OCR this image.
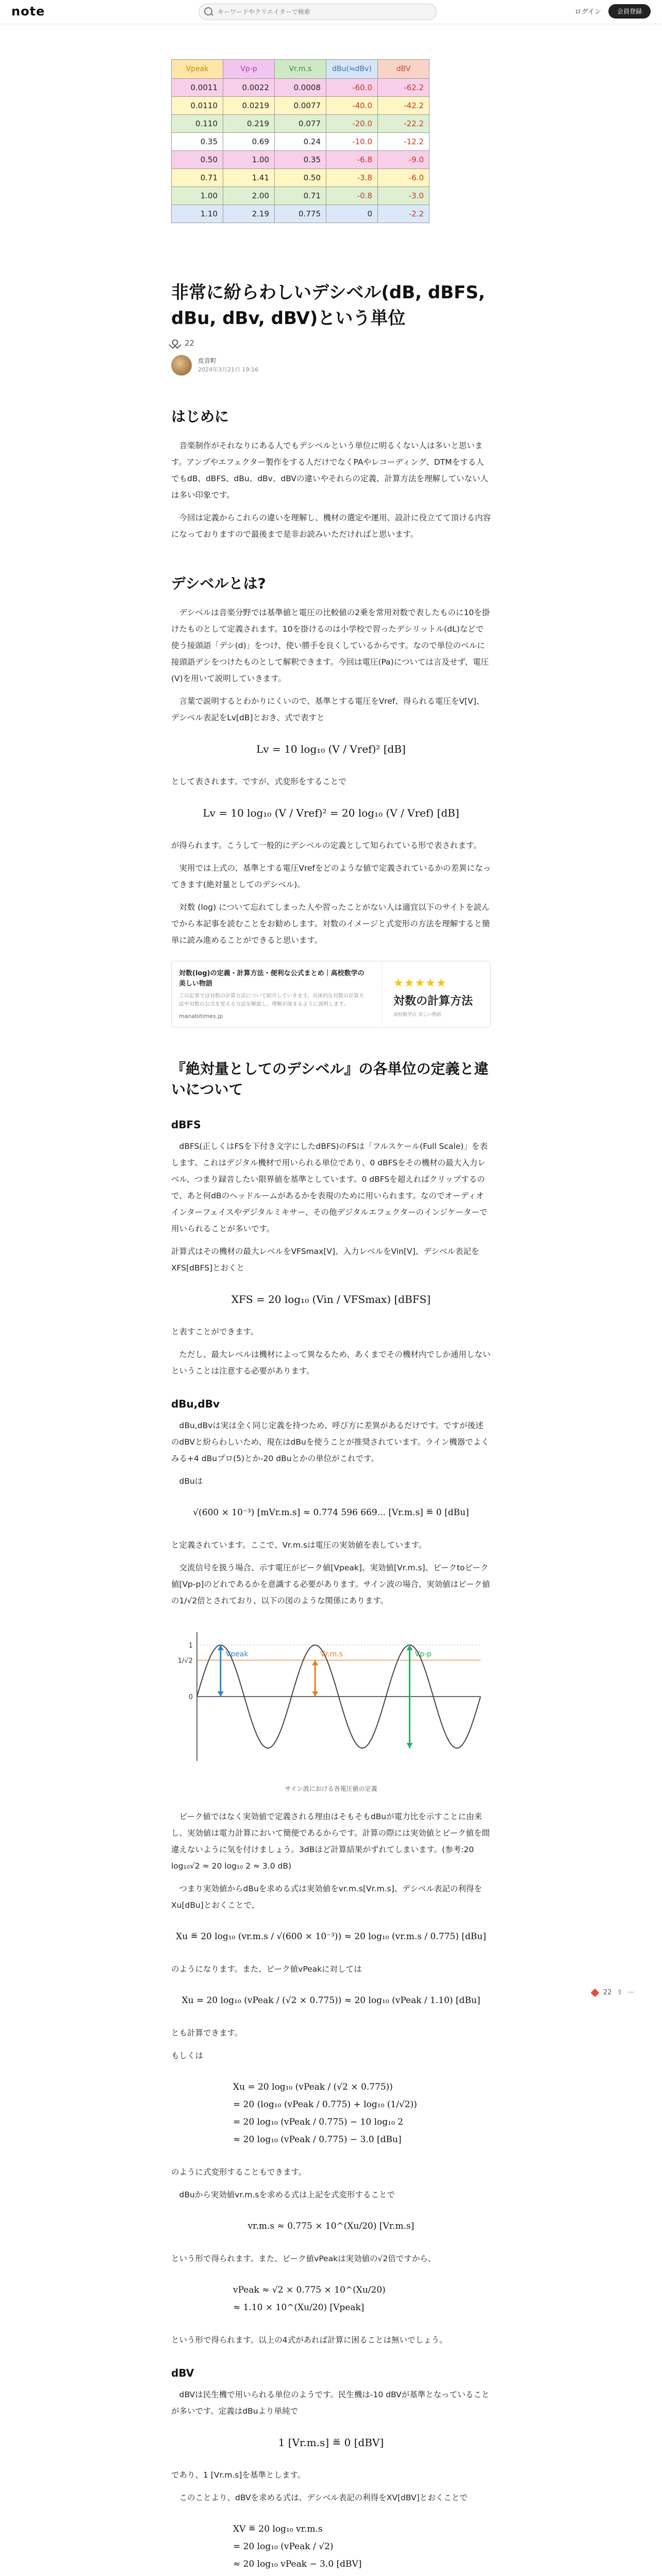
note
キーワードやクリエイターで検索	ログイン	会員登録
Vpeak	Vp-p	Vr.m.s	dBu(≒dBv)	dBV
0.0011	0.0022	0.0008	-60.0	-62.2
0.0110	0.0219	0.0077	-40.0	-42.2
0.110	0.219	0.077	-20.0	-22.2
0.35	0.69	0.24	-10.0	-12.2
0.50	1.00	0.35	-6.8	-9.0
0.71	1.41	0.50	-3.8	-6.0
1.00	2.00	0.71	-0.8	-3.0
1.10	2.19	0.775	0	-2.2
非常に紛らわしいデシベル(dB, dBFS, dBu, dBv, dBV)という単位
22
皮音町
2024年3月21日 19:16
はじめに

音楽制作がそれなりにある人でもデシベルという単位に明るくない人は多いと思います。アンプやエフェクター製作をする人だけでなくPAやレコーディング、DTMをする人でもdB、dBFS、dBu、dBv、dBVの違いやそれらの定義、計算方法を理解していない人は多い印象です。

今回は定義からこれらの違いを理解し、機材の選定や運用、設計に役立てて頂ける内容になっておりますので最後まで是非お読みいただければと思います。

デシベルとは?

デシベルは音楽分野では基準値と電圧の比較値の2乗を常用対数で表したものに10を掛けたものとして定義されます。10を掛けるのは小学校で習ったデシリットル(dL)などで使う接頭語「デシ(d)」をつけ、使い勝手を良くしているからです。なので単位のベルに接頭語デシをつけたものとして解釈できます。今回は電圧(Pa)については言及せず、電圧(V)を用いて説明していきます。

言葉で説明するとわかりにくいので、基準とする電圧をVref、得られる電圧をV[V]、デシベル表記をLv[dB]とおき、式で表すと

Lv = 10 log₁₀ (V / Vref)² [dB]

として表されます。ですが、式変形をすることで

Lv = 10 log₁₀ (V / Vref)² = 20 log₁₀ (V / Vref) [dB]

が得られます。こうして一般的にデシベルの定義として知られている形で表されます。

実用では上式の、基準とする電圧Vrefをどのような値で定義されているかの差異になってきます(絶対量としてのデシベル)。

対数 (log) について忘れてしまった人や習ったことがない人は適宜以下のサイトを読んでから本記事を読むことをお勧めします。対数のイメージと式変形の方法を理解すると簡単に読み進めることができると思います。

対数(log)の定義・計算方法・便利な公式まとめ｜高校数学の美しい物語
この記事では対数の計算方法について紹介していきます。具体的な対数の計算方法や対数の公式を覚える方法を解説し、理解が深まるように説明します。
manabitimes.jp
★★★★★
対数の計算方法
高校数学の 美しい物語
『絶対量としてのデシベル』の各単位の定義と違いについて
dBFS

dBFS(正しくはFSを下付き文字にしたdBFS)のFSは「フルスケール(Full Scale)」を表します。これはデジタル機材で用いられる単位であり、0 dBFSをその機材の最大入力レベル、つまり録音したい限界値を基準としています。0 dBFSを超えればクリップするので、あと何dBのヘッドルームがあるかを表現のために用いられます。なのでオーディオインターフェイスやデジタルミキサー、その他デジタルエフェクターのインジケーターで用いられることが多いです。

計算式はその機材の最大レベルをVFSmax[V]、入力レベルをVin[V]、デシベル表記をXFS[dBFS]とおくと

XFS = 20 log₁₀ (Vin / VFSmax) [dBFS]

と表すことができます。

ただし、最大レベルは機材によって異なるため、あくまでその機材内でしか通用しないということは注意する必要があります。

dBu,dBv

dBu,dBvは実は全く同じ定義を持つため、呼び方に差異があるだけです。ですが後述のdBVと紛らわしいため、現在はdBuを使うことが推奨されています。ライン機器でよくみる+4 dBuプロ(5)とか-20 dBuとかの単位がこれです。

dBuは

√(600 × 10⁻³) [mVr.m.s] ≈ 0.774 596 669... [Vr.m.s] ≝ 0 [dBu]

と定義されています。ここで、Vr.m.sは電圧の実効値を表しています。

交流信号を扱う場合、示す電圧がピーク値[Vpeak]、実効値[Vr.m.s]、ピークtoピーク値[Vp-p]のどれであるかを意識する必要があります。サイン波の場合、実効値はピーク値の1/√2倍とされており、以下の図のような関係にあります。

1
1/√2
0
Vpeak	Vr.m.s	Vp-p
サイン波における各電圧値の定義

ピーク値ではなく実効値で定義される理由はそもそもdBuが電力比を示すことに由来し、実効値は電力計算において簡便であるからです。計算の際には実効値とピーク値を間違えないように気を付けましょう。3dBほど計算結果がずれてしまいます。(参考:20 log₁₀√2 ≈ 20 log₁₀ 2 ≈ 3.0 dB)

つまり実効値からdBuを求める式は実効値をvr.m.s[Vr.m.s]、デシベル表記の利得をXu[dBu]とおくことで、

Xu ≝ 20 log₁₀ (vr.m.s / √(600 × 10⁻³)) ≈ 20 log₁₀ (vr.m.s / 0.775) [dBu]

のようになります。また、ピーク値vPeakに対しては

Xu = 20 log₁₀ (vPeak / (√2 × 0.775)) ≈ 20 log₁₀ (vPeak / 1.10) [dBu]

とも計算できます。

もしくは

Xu = 20 log₁₀ (vPeak / (√2 × 0.775))
= 20 (log₁₀ (vPeak / 0.775) + log₁₀ (1/√2))
= 20 log₁₀ (vPeak / 0.775) − 10 log₁₀ 2
≈ 20 log₁₀ (vPeak / 0.775) − 3.0 [dBu]

のように式変形することもできます。

dBuから実効値vr.m.sを求める式は上記を式変形することで

vr.m.s ≈ 0.775 × 10^(Xu/20) [Vr.m.s]

という形で得られます。また、ピーク値vPeakは実効値の√2倍ですから、

vPeak ≈ √2 × 0.775 × 10^(Xu/20)
≈ 1.10 × 10^(Xu/20) [Vpeak]

という形で得られます。以上の4式があれば計算に困ることは無いでしょう。

dBV

dBVは民生機で用いられる単位のようです。民生機は-10 dBVが基準となっていることが多いです。定義はdBuより単純で

1 [Vr.m.s] ≝ 0 [dBV]

であり、1 [Vr.m.s]を基準とします。

このことより、dBVを求める式は、デシベル表記の利得をXV[dBV]とおくことで

XV ≝ 20 log₁₀ vr.m.s
= 20 log₁₀ (vPeak / √2)
≈ 20 log₁₀ vPeak − 3.0 [dBV]

22 ⇪ ⋯
